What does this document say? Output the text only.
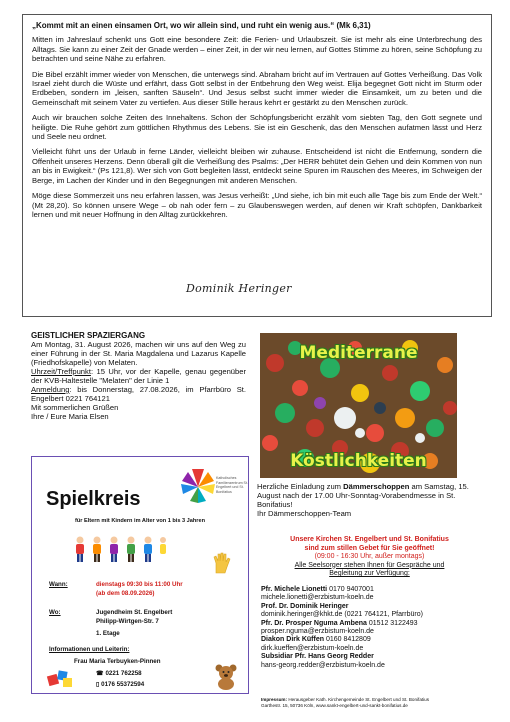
„Kommt mit an einen einsamen Ort, wo wir allein sind, und ruht ein wenig aus.“ (Mk 6,31)

Mitten im Jahreslauf schenkt uns Gott eine besondere Zeit: die Ferien- und Urlaubszeit. Sie ist mehr als eine Unterbrechung des Alltags. Sie kann zu einer Zeit der Gnade werden – einer Zeit, in der wir neu lernen, auf Gottes Stimme zu hören, seine Schöpfung zu betrachten und seine Nähe zu erfahren.

Die Bibel erzählt immer wieder von Menschen, die unterwegs sind. Abraham bricht auf im Vertrauen auf Gottes Verheißung. Das Volk Israel zieht durch die Wüste und erfährt, dass Gott selbst in der Entbehrung den Weg weist. Elija begegnet Gott nicht im Sturm oder Erdbeben, sondern im „leisen, sanften Säuseln“. Und Jesus selbst sucht immer wieder die Einsamkeit, um zu beten und die Gemeinschaft mit seinem Vater zu vertiefen. Aus dieser Stille heraus kehrt er gestärkt zu den Menschen zurück.

Auch wir brauchen solche Zeiten des Innehaltens. Schon der Schöpfungsbericht erzählt vom siebten Tag, den Gott segnete und heiligte. Die Ruhe gehört zum göttlichen Rhythmus des Lebens. Sie ist ein Geschenk, das den Menschen aufatmen lässt und Herz und Seele neu ordnet.

Vielleicht führt uns der Urlaub in ferne Länder, vielleicht bleiben wir zuhause. Entscheidend ist nicht die Entfernung, sondern die Offenheit unseres Herzens. Denn überall gilt die Verheißung des Psalms: „Der HERR behütet dein Gehen und dein Kommen von nun an bis in Ewigkeit.“ (Ps 121,8). Wer sich von Gott begleiten lässt, entdeckt seine Spuren im Rauschen des Meeres, im Schweigen der Berge, im Lachen der Kinder und in den Begegnungen mit anderen Menschen.

Möge diese Sommerzeit uns neu erfahren lassen, was Jesus verheißt: „Und siehe, ich bin mit euch alle Tage bis zum Ende der Welt.“ (Mt 28,20). So können unsere Wege – ob nah oder fern – zu Glaubenswegen werden, auf denen wir Kraft schöpfen, Dankbarkeit lernen und mit neuer Hoffnung in den Alltag zurückkehren.

Dominik Heringer
GEISTLICHER SPAZIERGANG
Am Montag, 31. August 2026, machen wir uns auf den Weg zu einer Führung in der St. Maria Magdalena und Lazarus Kapelle (Friedhofskapelle) von Melaten.
Uhrzeit/Treffpunkt: 15 Uhr, vor der Kapelle, genau gegenüber der KVB-Haltestelle "Melaten" der Linie 1
Anmeldung: bis Donnerstag, 27.08.2026, im Pfarrbüro St. Engelbert 0221 764121
Mit sommerlichen Grüßen
Ihre / Eure Maria Elsen
Katholisches Familienzentrum St. Engelbert und St. Bonifatius
Spielkreis
für Eltern mit Kindern im Alter von 1 bis 3 Jahren
Wann:	dienstags 09:30 bis 11:00 Uhr
(ab dem 08.09.2026)
Wo:	Jugendheim St. Engelbert
Philipp-Wirtgen-Str. 7
1. Etage
Informationen und Leiterin:
Frau Maria Terbuyken-Pinnen
☎ 0221 762258
▯ 0176 55372594
Mediterrane
Köstlichkeiten
Herzliche Einladung zum Dämmerschoppen am Samstag, 15. August nach der 17.00 Uhr-Sonntag-Vorabendmesse in St. Bonifatius!
Ihr Dämmerschoppen-Team
Unsere Kirchen St. Engelbert und St. Bonifatius
sind zum stillen Gebet für Sie geöffnet!
(09:00 - 16:30 Uhr, außer montags)
Alle Seelsorger stehen Ihnen für Gespräche und
Begleitung zur Verfügung:
Pfr. Michele Lionetti 0170 9407001
michele.lionetti@erzbistum-koeln.de
Prof. Dr. Dominik Heringer
dominik.heringer@khkt.de (0221 764121, Pfarrbüro)
Pfr. Dr. Prosper Nguma Ambena 01512 3122493
prosper.nguma@erzbistum-koeln.de
Diakon Dirk Küffen 0160 8412809
dirk.kueffen@erzbistum-koeln.de
Subsidiar Pfr. Hans Georg Redder
hans-georg.redder@erzbistum-koeln.de
Impressum: Herausgeber Kath. Kirchengemeinde St. Engelbert und St. Bonifatius
Garthestr. 15, 50736 Köln, www.sankt-engelbert-und-sankt-bonifatius.de
